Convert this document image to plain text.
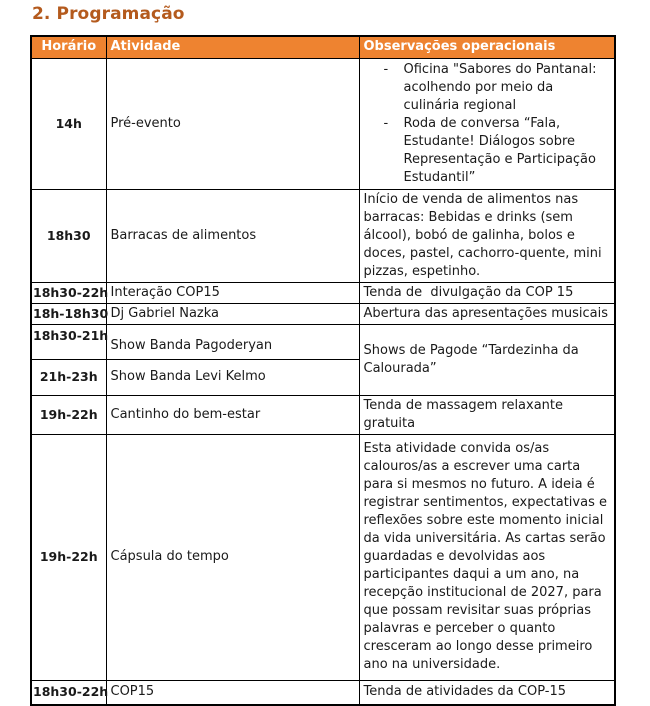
2. Programação
Horário	Atividade	Observações operacionais
14h	Pré-evento	- Oficina "Sabores do Pantanal: acolhendo por meio da culinária regional
- Roda de conversa “Fala, Estudante! Diálogos sobre Representação e Participação Estudantil”

18h30	Barracas de alimentos	Início de venda de alimentos nas barracas: Bebidas e drinks (sem álcool), bobó de galinha, bolos e doces, pastel, cachorro-quente, mini pizzas, espetinho.
18h30-22h	Interação COP15	Tenda de  divulgação da COP 15
18h-18h30	Dj Gabriel Nazka	Abertura das apresentações musicais
18h30-21h	Show Banda Pagoderyan	Shows de Pagode “Tardezinha da Calourada”
21h-23h	Show Banda Levi Kelmo	
19h-22h	Cantinho do bem-estar	Tenda de massagem relaxante gratuita
19h-22h	Cápsula do tempo	Esta atividade convida os/as calouros/as a escrever uma carta para si mesmos no futuro. A ideia é registrar sentimentos, expectativas e reflexões sobre este momento inicial da vida universitária. As cartas serão guardadas e devolvidas aos participantes daqui a um ano, na recepção institucional de 2027, para que possam revisitar suas próprias palavras e perceber o quanto cresceram ao longo desse primeiro ano na universidade.
18h30-22h	COP15	Tenda de atividades da COP-15
